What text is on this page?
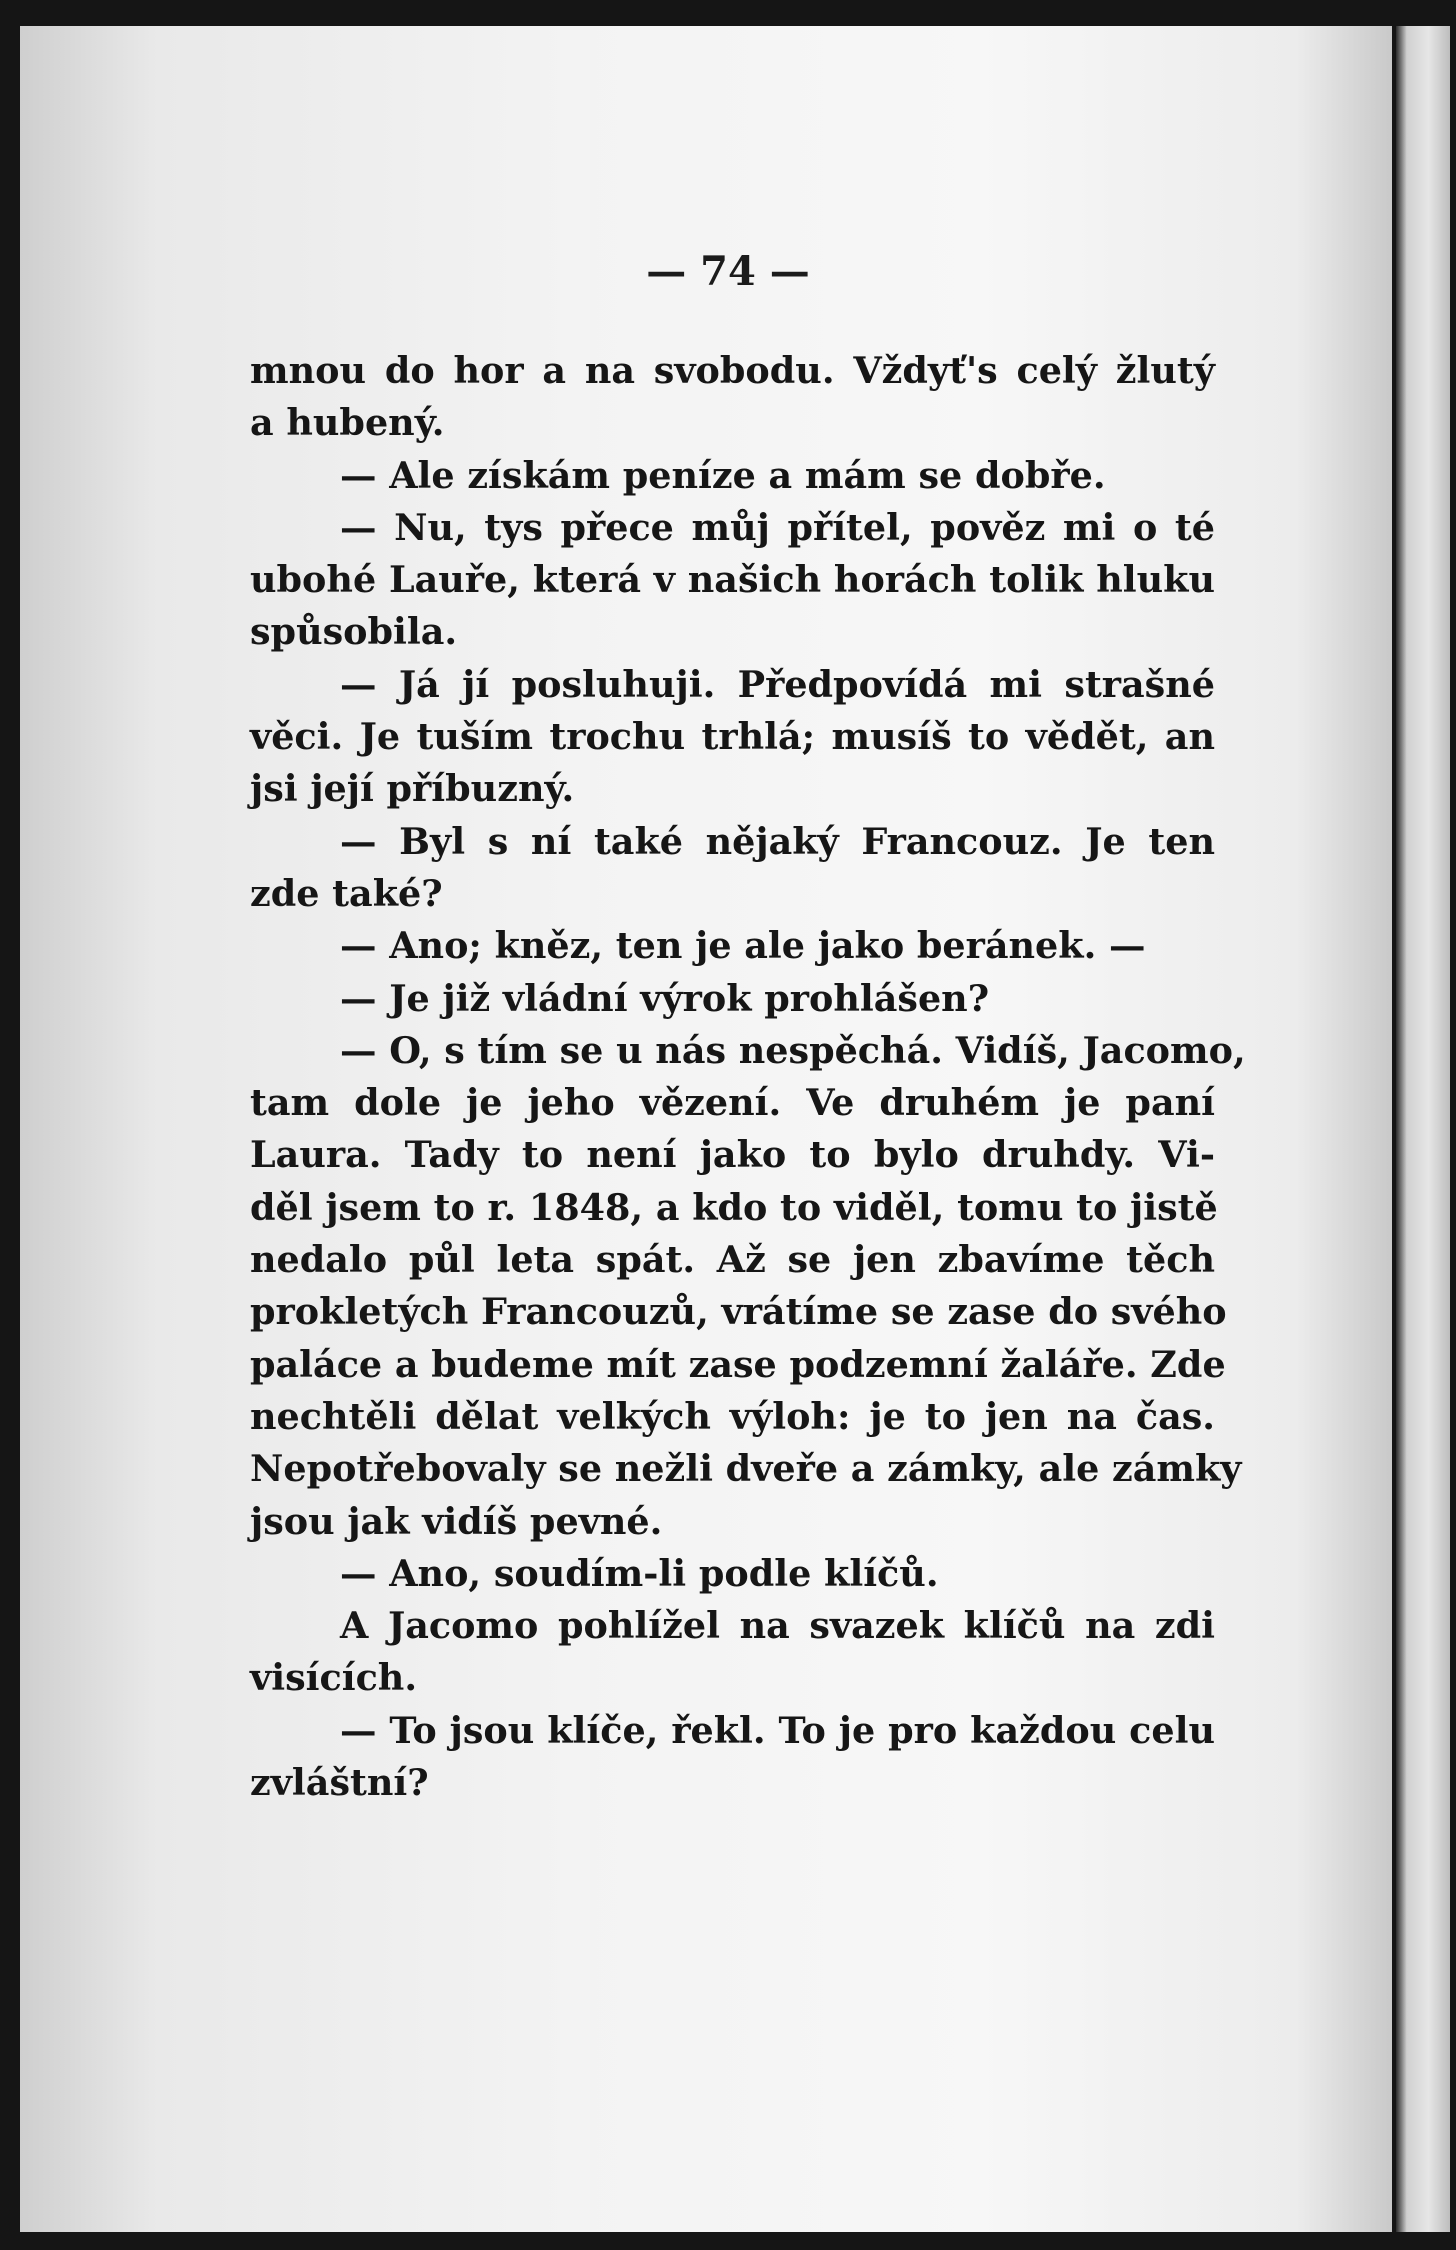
— 74 —

mnou do hor a na svobodu. Vždyť's celý žlutý
a hubený.
— Ale získám peníze a mám se dobře.
— Nu, tys přece můj přítel, pověz mi o té
ubohé Lauře, která v našich horách tolik hluku
spůsobila.
— Já jí posluhuji. Předpovídá mi strašné
věci. Je tuším trochu trhlá; musíš to vědět, an
jsi její příbuzný.
— Byl s ní také nějaký Francouz. Je ten
zde také?
— Ano; kněz, ten je ale jako beránek. —
— Je již vládní výrok prohlášen?
— O, s tím se u nás nespěchá. Vidíš, Jacomo,
tam dole je jeho vězení. Ve druhém je paní
Laura. Tady to není jako to bylo druhdy. Vi-
děl jsem to r. 1848, a kdo to viděl, tomu to jistě
nedalo půl leta spát. Až se jen zbavíme těch
prokletých Francouzů, vrátíme se zase do svého
paláce a budeme mít zase podzemní žaláře. Zde
nechtěli dělat velkých výloh: je to jen na čas.
Nepotřebovaly se nežli dveře a zámky, ale zámky
jsou jak vidíš pevné.
— Ano, soudím-li podle klíčů.
A Jacomo pohlížel na svazek klíčů na zdi
visících.
— To jsou klíče, řekl. To je pro každou celu
zvláštní?
